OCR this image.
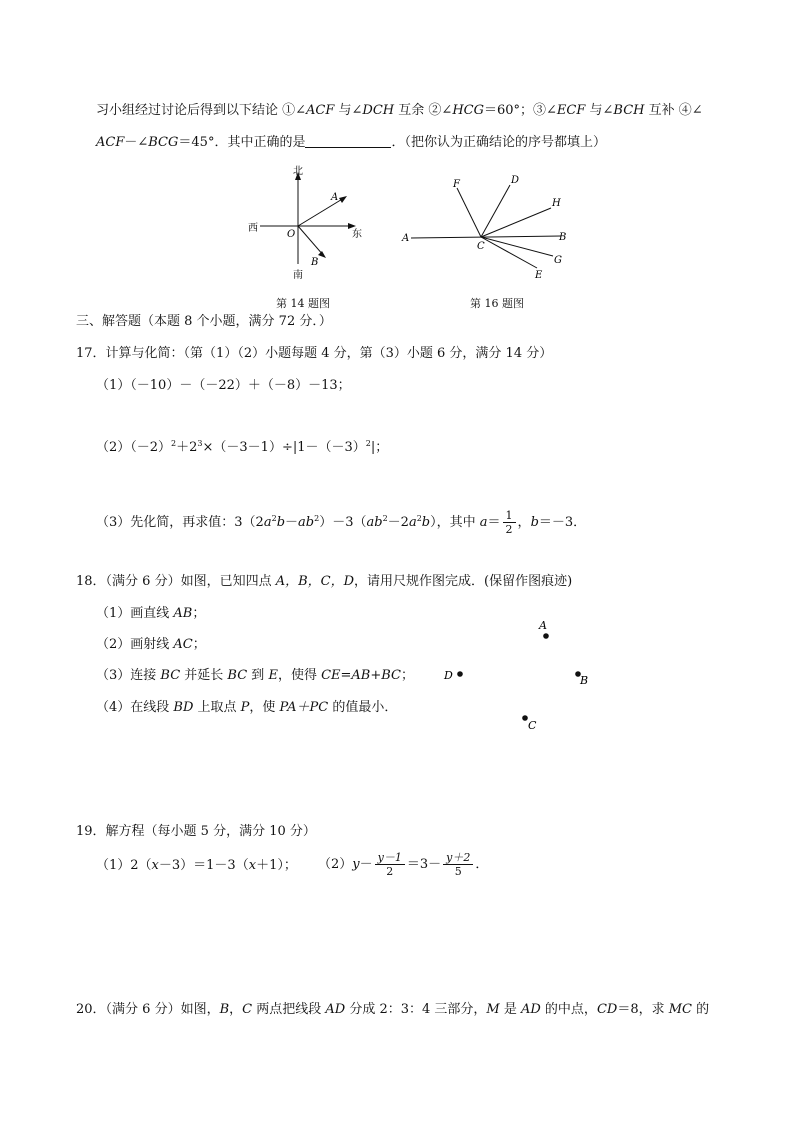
习小组经过讨论后得到以下结论 ①∠ACF 与∠DCH 互余 ②∠HCG＝60°；③∠ECF 与∠BCH 互补 ④∠
ACF－∠BCG＝45°．其中正确的是	．（把你认为正确结论的序号都填上）
北
南
西
东
O
A
B
第 14 题图
A	B
C
D
E
F
G
H
第 16 题图
三、解答题（本题 8 个小题，满分 72 分．）
17．计算与化简：（第（1）（2）小题每题 4 分，第（3）小题 6 分，满分 14 分）
（1）（－10）－（－22）＋（－8）－13；
$(2)(-2)^2+2^3\times(-3-1)\div|1-(-3)^2|$；
（3）先化简，再求值：$3(2a^2b-ab^2)-3(ab^2-2a^2b)$，其中 $a= \frac{1}{2}$ ，b＝－3．
18．（满分 6 分）如图，已知四点 A，B，C，D，请用尺规作图完成．(保留作图痕迹)
（1）画直线 AB；
（2）画射线 AC；
（3）连接 BC 并延长 BC 到 E，使得 CE=AB+BC；
（4）在线段 BD 上取点 P，使 PA＋PC 的值最小．
A
D	B
C
19．解方程（每小题 5 分，满分 10 分）
（1）2（x－3）＝1－3（x＋1）； $(2)y- \frac{y-1}{2} =3- \frac{y+2}{5}$ ．
20．（满分 6 分）如图，B，C 两点把线段 AD 分成 2：3：4 三部分，M 是 AD 的中点，CD＝8，求 MC 的
